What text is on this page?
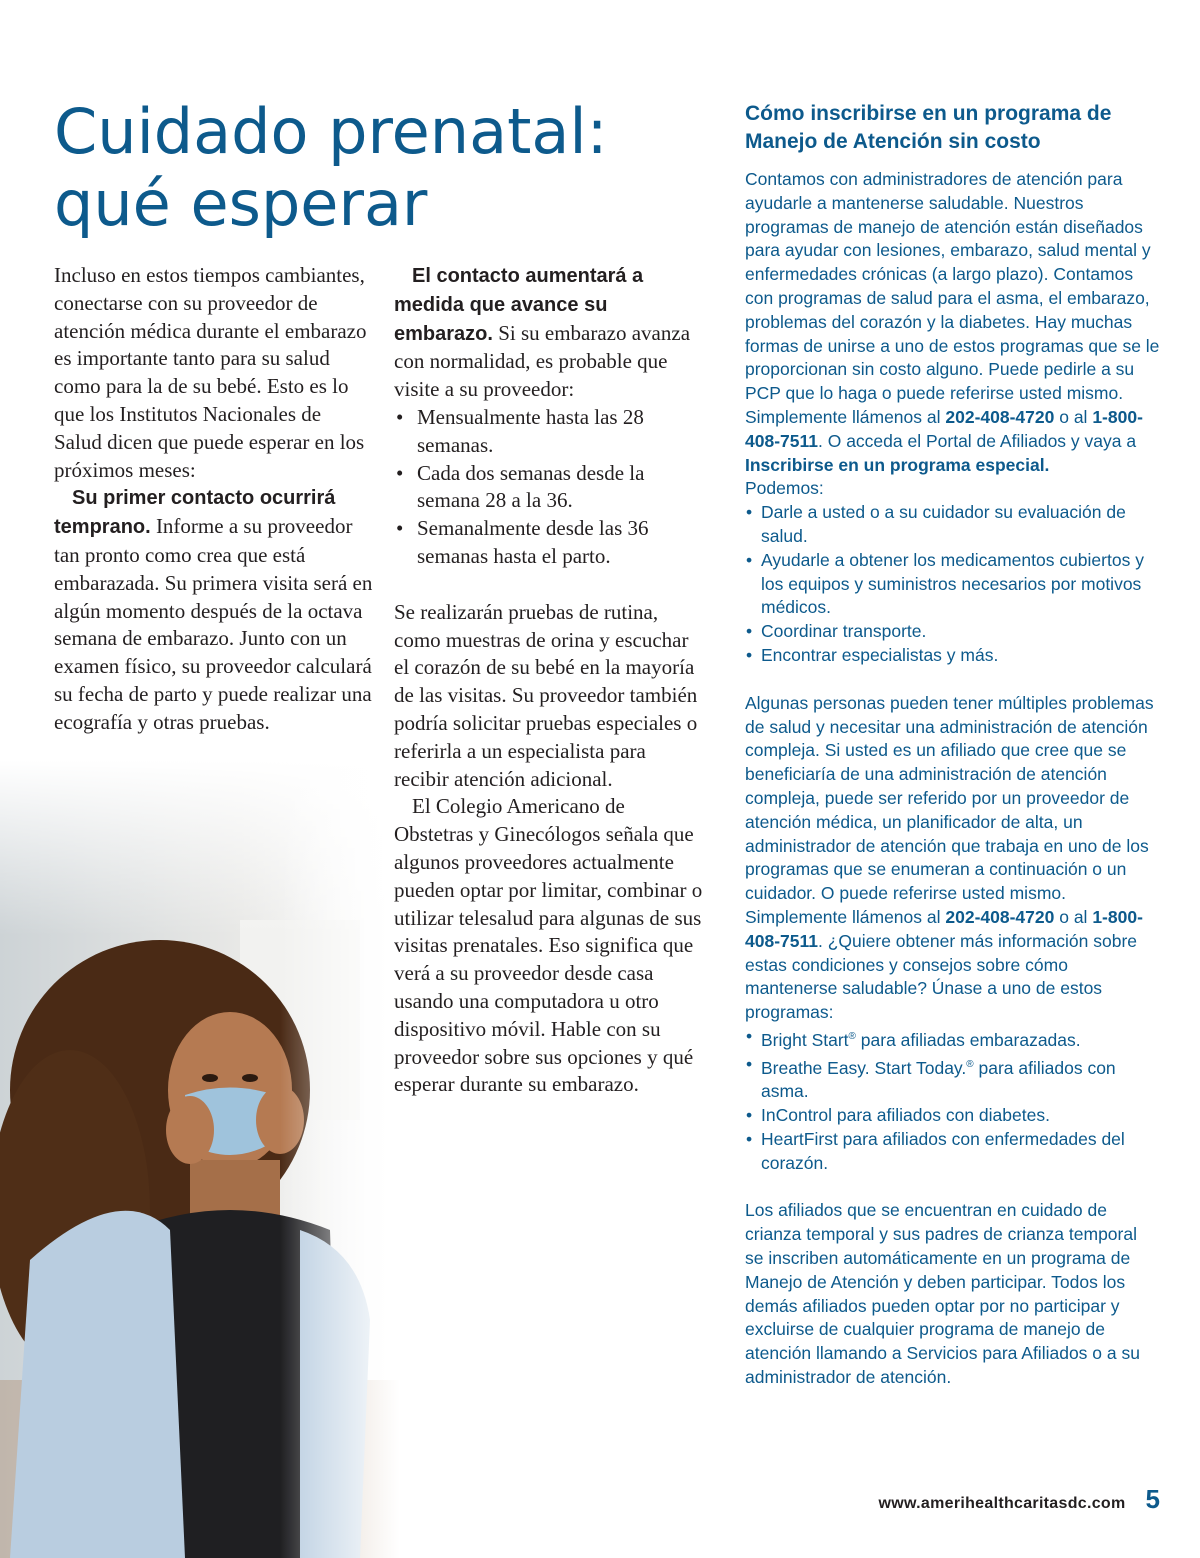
Cuidado prenatal:
qué esperar

Incluso en estos tiempos cambiantes, conectarse con su proveedor de atención médica durante el embarazo es importante tanto para su salud como para la de su bebé. Esto es lo que los Institutos Nacionales de Salud dicen que puede esperar en los próximos meses:

Su primer contacto ocurrirá temprano. Informe a su proveedor tan pronto como crea que está embarazada. Su primera visita será en algún momento después de la octava semana de embarazo. Junto con un examen físico, su proveedor calculará su fecha de parto y puede realizar una ecografía y otras pruebas.

El contacto aumentará a medida que avance su embarazo. Si su embarazo avanza con normalidad, es probable que visite a su proveedor:

• Mensualmente hasta las 28 semanas.
• Cada dos semanas desde la semana 28 a la 36.
• Semanalmente desde las 36 semanas hasta el parto.

Se realizarán pruebas de rutina, como muestras de orina y escuchar el corazón de su bebé en la mayoría de las visitas. Su proveedor también podría solicitar pruebas especiales o referirla a un especialista para recibir atención adicional.

El Colegio Americano de Obstetras y Ginecólogos señala que algunos proveedores actualmente pueden optar por limitar, combinar o utilizar telesalud para algunas de sus visitas prenatales. Eso significa que verá a su proveedor desde casa usando una computadora u otro dispositivo móvil. Hable con su proveedor sobre sus opciones y qué esperar durante su embarazo.

Cómo inscribirse en un programa de Manejo de Atención sin costo

Contamos con administradores de atención para ayudarle a mantenerse saludable. Nuestros programas de manejo de atención están diseñados para ayudar con lesiones, embarazo, salud mental y enfermedades crónicas (a largo plazo). Contamos con programas de salud para el asma, el embarazo, problemas del corazón y la diabetes. Hay muchas formas de unirse a uno de estos programas que se le proporcionan sin costo alguno. Puede pedirle a su PCP que lo haga o puede referirse usted mismo. Simplemente llámenos al 202-408-4720 o al 1-800-408-7511. O acceda el Portal de Afiliados y vaya a Inscribirse en un programa especial.

Podemos:

• Darle a usted o a su cuidador su evaluación de salud.
• Ayudarle a obtener los medicamentos cubiertos y los equipos y suministros necesarios por motivos médicos.
• Coordinar transporte.
• Encontrar especialistas y más.

Algunas personas pueden tener múltiples problemas de salud y necesitar una administración de atención compleja. Si usted es un afiliado que cree que se beneficiaría de una administración de atención compleja, puede ser referido por un proveedor de atención médica, un planificador de alta, un administrador de atención que trabaja en uno de los programas que se enumeran a continuación o un cuidador. O puede referirse usted mismo. Simplemente llámenos al 202-408-4720 o al 1-800-408-7511. ¿Quiere obtener más información sobre estas condiciones y consejos sobre cómo mantenerse saludable? Únase a uno de estos programas:

• Bright Start® para afiliadas embarazadas.
• Breathe Easy. Start Today.® para afiliados con asma.
• InControl para afiliados con diabetes.
• HeartFirst para afiliados con enfermedades del corazón.

Los afiliados que se encuentran en cuidado de crianza temporal y sus padres de crianza temporal se inscriben automáticamente en un programa de Manejo de Atención y deben participar. Todos los demás afiliados pueden optar por no participar y excluirse de cualquier programa de manejo de atención llamando a Servicios para Afiliados o a su administrador de atención.

www.amerihealthcaritasdc.com 5
